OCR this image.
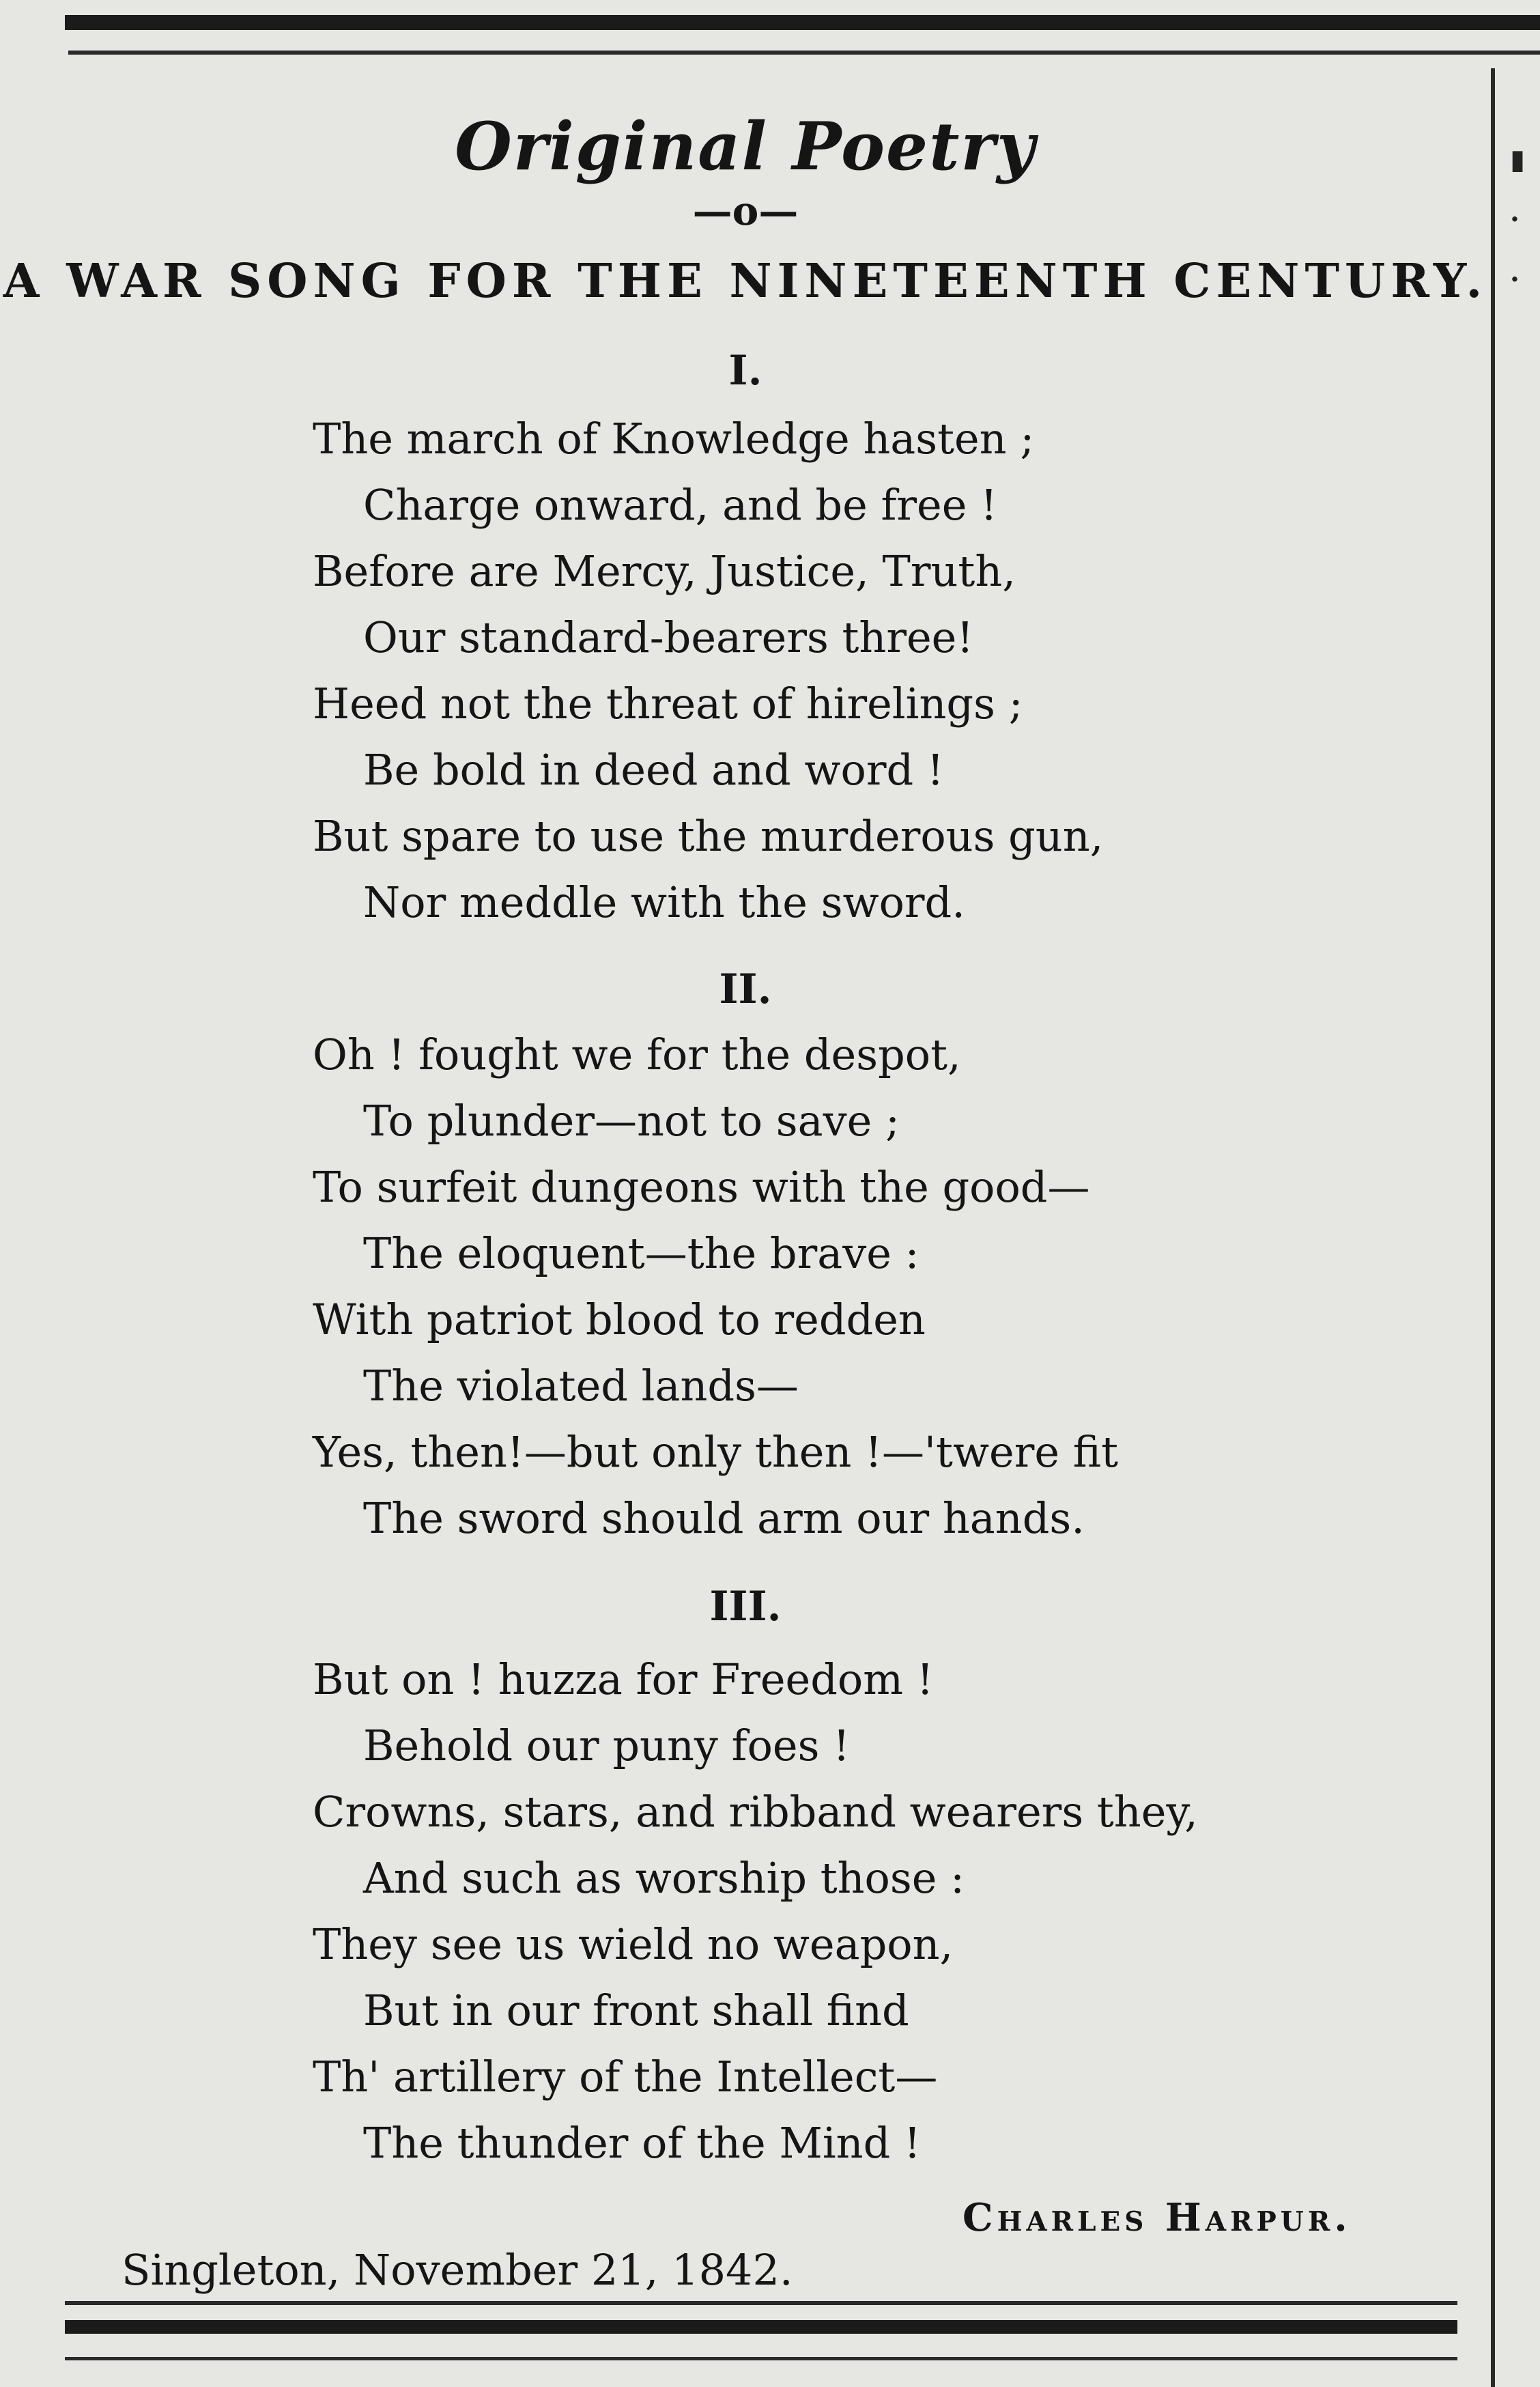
▮
·
·
Original Poetry
—o—
A WAR SONG FOR THE NINETEENTH CENTURY.
I.
The march of Knowledge hasten ;
Charge onward, and be free !
Before are Mercy, Justice, Truth,
Our standard-bearers three!
Heed not the threat of hirelings ;
Be bold in deed and word !
But spare to use the murderous gun,
Nor meddle with the sword.
II.
Oh ! fought we for the despot,
To plunder—not to save ;
To surfeit dungeons with the good—
The eloquent—the brave :
With patriot blood to redden
The violated lands—
Yes, then!—but only then !—'twere fit
The sword should arm our hands.
III.
But on ! huzza for Freedom !
Behold our puny foes !
Crowns, stars, and ribband wearers they,
And such as worship those :
They see us wield no weapon,
But in our front shall find
Th' artillery of the Intellect—
The thunder of the Mind !
Charles Harpur.
Singleton, November 21, 1842.
